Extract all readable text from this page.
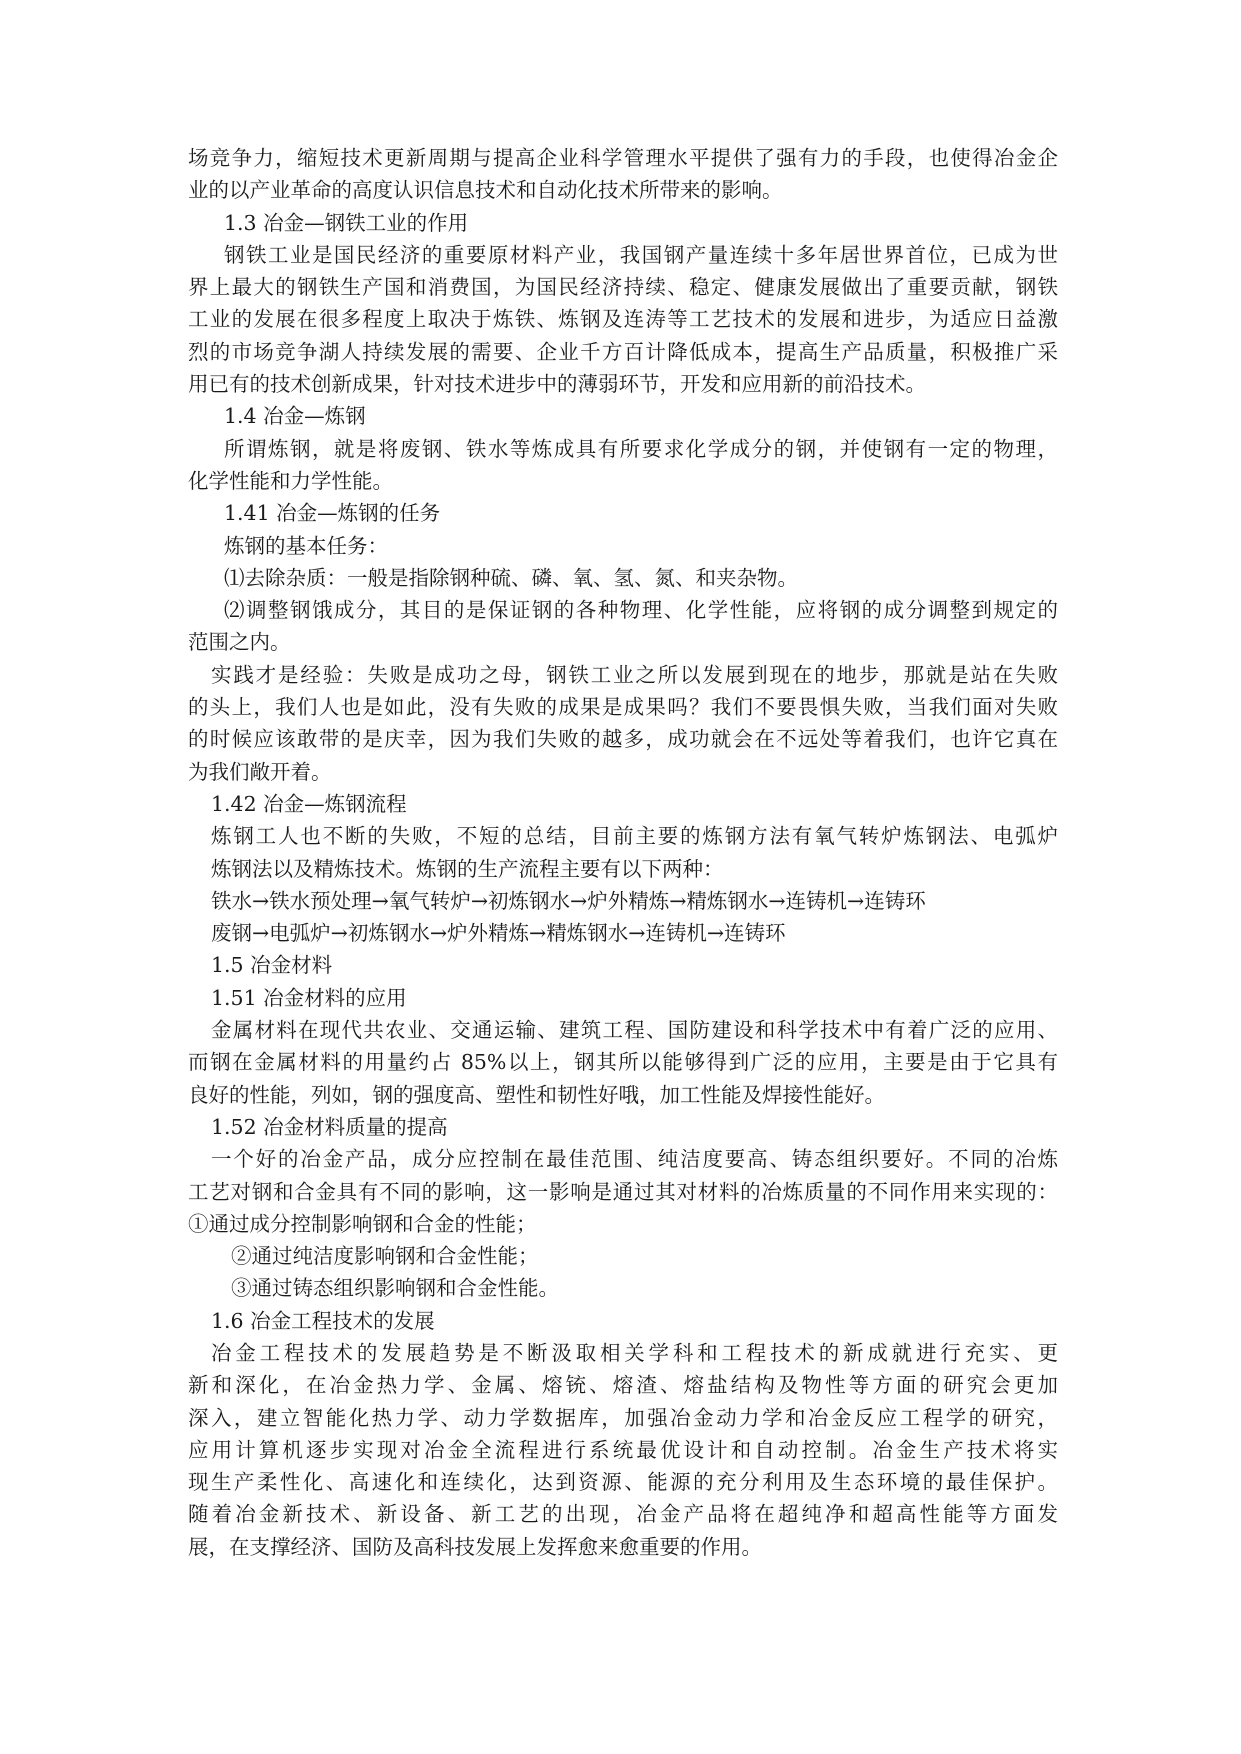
场竞争力，缩短技术更新周期与提高企业科学管理水平提供了强有力的手段，也使得冶金企
业的以产业革命的高度认识信息技术和自动化技术所带来的影响。
1.3 冶金—钢铁工业的作用
钢铁工业是国民经济的重要原材料产业，我国钢产量连续十多年居世界首位，已成为世
界上最大的钢铁生产国和消费国，为国民经济持续、稳定、健康发展做出了重要贡献，钢铁
工业的发展在很多程度上取决于炼铁、炼钢及连涛等工艺技术的发展和进步，为适应日益激
烈的市场竞争湖人持续发展的需要、企业千方百计降低成本，提高生产品质量，积极推广采
用已有的技术创新成果，针对技术进步中的薄弱环节，开发和应用新的前沿技术。
1.4 冶金—炼钢
所谓炼钢，就是将废钢、铁水等炼成具有所要求化学成分的钢，并使钢有一定的物理，
化学性能和力学性能。
1.41 冶金—炼钢的任务
炼钢的基本任务：
⑴去除杂质：一般是指除钢种硫、磷、氧、氢、氮、和夹杂物。
⑵调整钢饿成分，其目的是保证钢的各种物理、化学性能，应将钢的成分调整到规定的
范围之内。
实践才是经验：失败是成功之母，钢铁工业之所以发展到现在的地步，那就是站在失败
的头上，我们人也是如此，没有失败的成果是成果吗？我们不要畏惧失败，当我们面对失败
的时候应该敢带的是庆幸，因为我们失败的越多，成功就会在不远处等着我们，也许它真在
为我们敞开着。
1.42 冶金—炼钢流程
炼钢工人也不断的失败，不短的总结，目前主要的炼钢方法有氧气转炉炼钢法、电弧炉
炼钢法以及精炼技术。炼钢的生产流程主要有以下两种：
铁水→铁水预处理→氧气转炉→初炼钢水→炉外精炼→精炼钢水→连铸机→连铸环
废钢→电弧炉→初炼钢水→炉外精炼→精炼钢水→连铸机→连铸环
1.5 冶金材料
1.51 冶金材料的应用
金属材料在现代共农业、交通运输、建筑工程、国防建设和科学技术中有着广泛的应用、
而钢在金属材料的用量约占 85%以上，钢其所以能够得到广泛的应用，主要是由于它具有
良好的性能，列如，钢的强度高、塑性和韧性好哦，加工性能及焊接性能好。
1.52 冶金材料质量的提高
一个好的冶金产品，成分应控制在最佳范围、纯洁度要高、铸态组织要好。不同的冶炼
工艺对钢和合金具有不同的影响，这一影响是通过其对材料的冶炼质量的不同作用来实现的：
①通过成分控制影响钢和合金的性能；
②通过纯洁度影响钢和合金性能；
③通过铸态组织影响钢和合金性能。
1.6 冶金工程技术的发展
冶金工程技术的发展趋势是不断汲取相关学科和工程技术的新成就进行充实、更
新和深化，在冶金热力学、金属、熔铳、熔渣、熔盐结构及物性等方面的研究会更加
深入，建立智能化热力学、动力学数据库，加强冶金动力学和冶金反应工程学的研究，
应用计算机逐步实现对冶金全流程进行系统最优设计和自动控制。冶金生产技术将实
现生产柔性化、高速化和连续化，达到资源、能源的充分利用及生态环境的最佳保护。
随着冶金新技术、新设备、新工艺的出现，冶金产品将在超纯净和超高性能等方面发
展，在支撑经济、国防及高科技发展上发挥愈来愈重要的作用。
